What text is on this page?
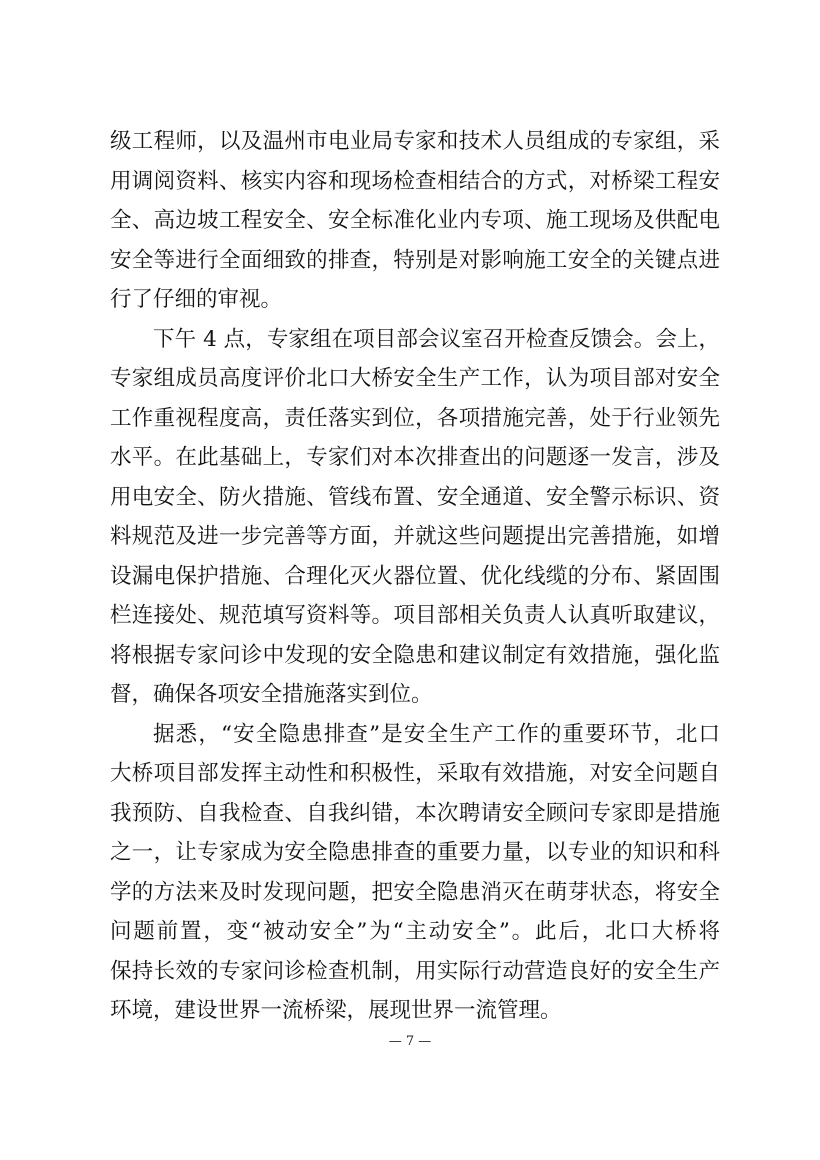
级工程师，以及温州市电业局专家和技术人员组成的专家组，采
用调阅资料、核实内容和现场检查相结合的方式，对桥梁工程安
全、高边坡工程安全、安全标准化业内专项、施工现场及供配电
安全等进行全面细致的排查，特别是对影响施工安全的关键点进
行了仔细的审视。
下午 4 点，专家组在项目部会议室召开检查反馈会。会上，
专家组成员高度评价北口大桥安全生产工作，认为项目部对安全
工作重视程度高，责任落实到位，各项措施完善，处于行业领先
水平。在此基础上，专家们对本次排查出的问题逐一发言，涉及
用电安全、防火措施、管线布置、安全通道、安全警示标识、资
料规范及进一步完善等方面，并就这些问题提出完善措施，如增
设漏电保护措施、合理化灭火器位置、优化线缆的分布、紧固围
栏连接处、规范填写资料等。项目部相关负责人认真听取建议，
将根据专家问诊中发现的安全隐患和建议制定有效措施，强化监
督，确保各项安全措施落实到位。
据悉，“安全隐患排查”是安全生产工作的重要环节，北口
大桥项目部发挥主动性和积极性，采取有效措施，对安全问题自
我预防、自我检查、自我纠错，本次聘请安全顾问专家即是措施
之一，让专家成为安全隐患排查的重要力量，以专业的知识和科
学的方法来及时发现问题，把安全隐患消灭在萌芽状态，将安全
问题前置，变“被动安全”为“主动安全”。此后，北口大桥将
保持长效的专家问诊检查机制，用实际行动营造良好的安全生产
环境，建设世界一流桥梁，展现世界一流管理。
— 7 —
